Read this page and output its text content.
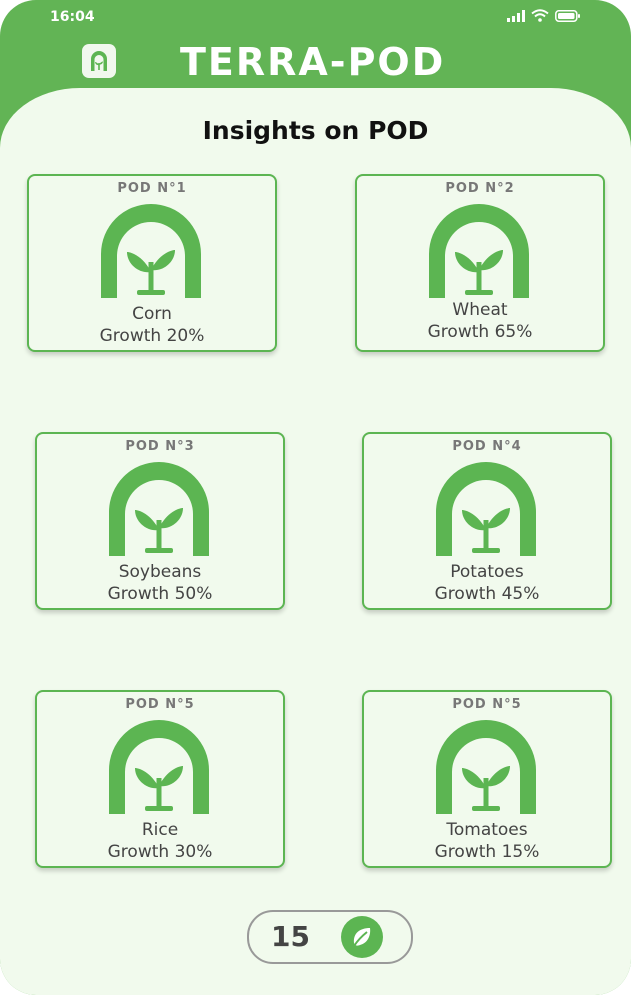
16:04
TERRA-POD
Insights on POD
POD N°1
Corn
Growth 20%
POD N°2
Wheat
Growth 65%
POD N°3
Soybeans
Growth 50%
POD N°4
Potatoes
Growth 45%
POD N°5
Rice
Growth 30%
POD N°5
Tomatoes
Growth 15%
15
